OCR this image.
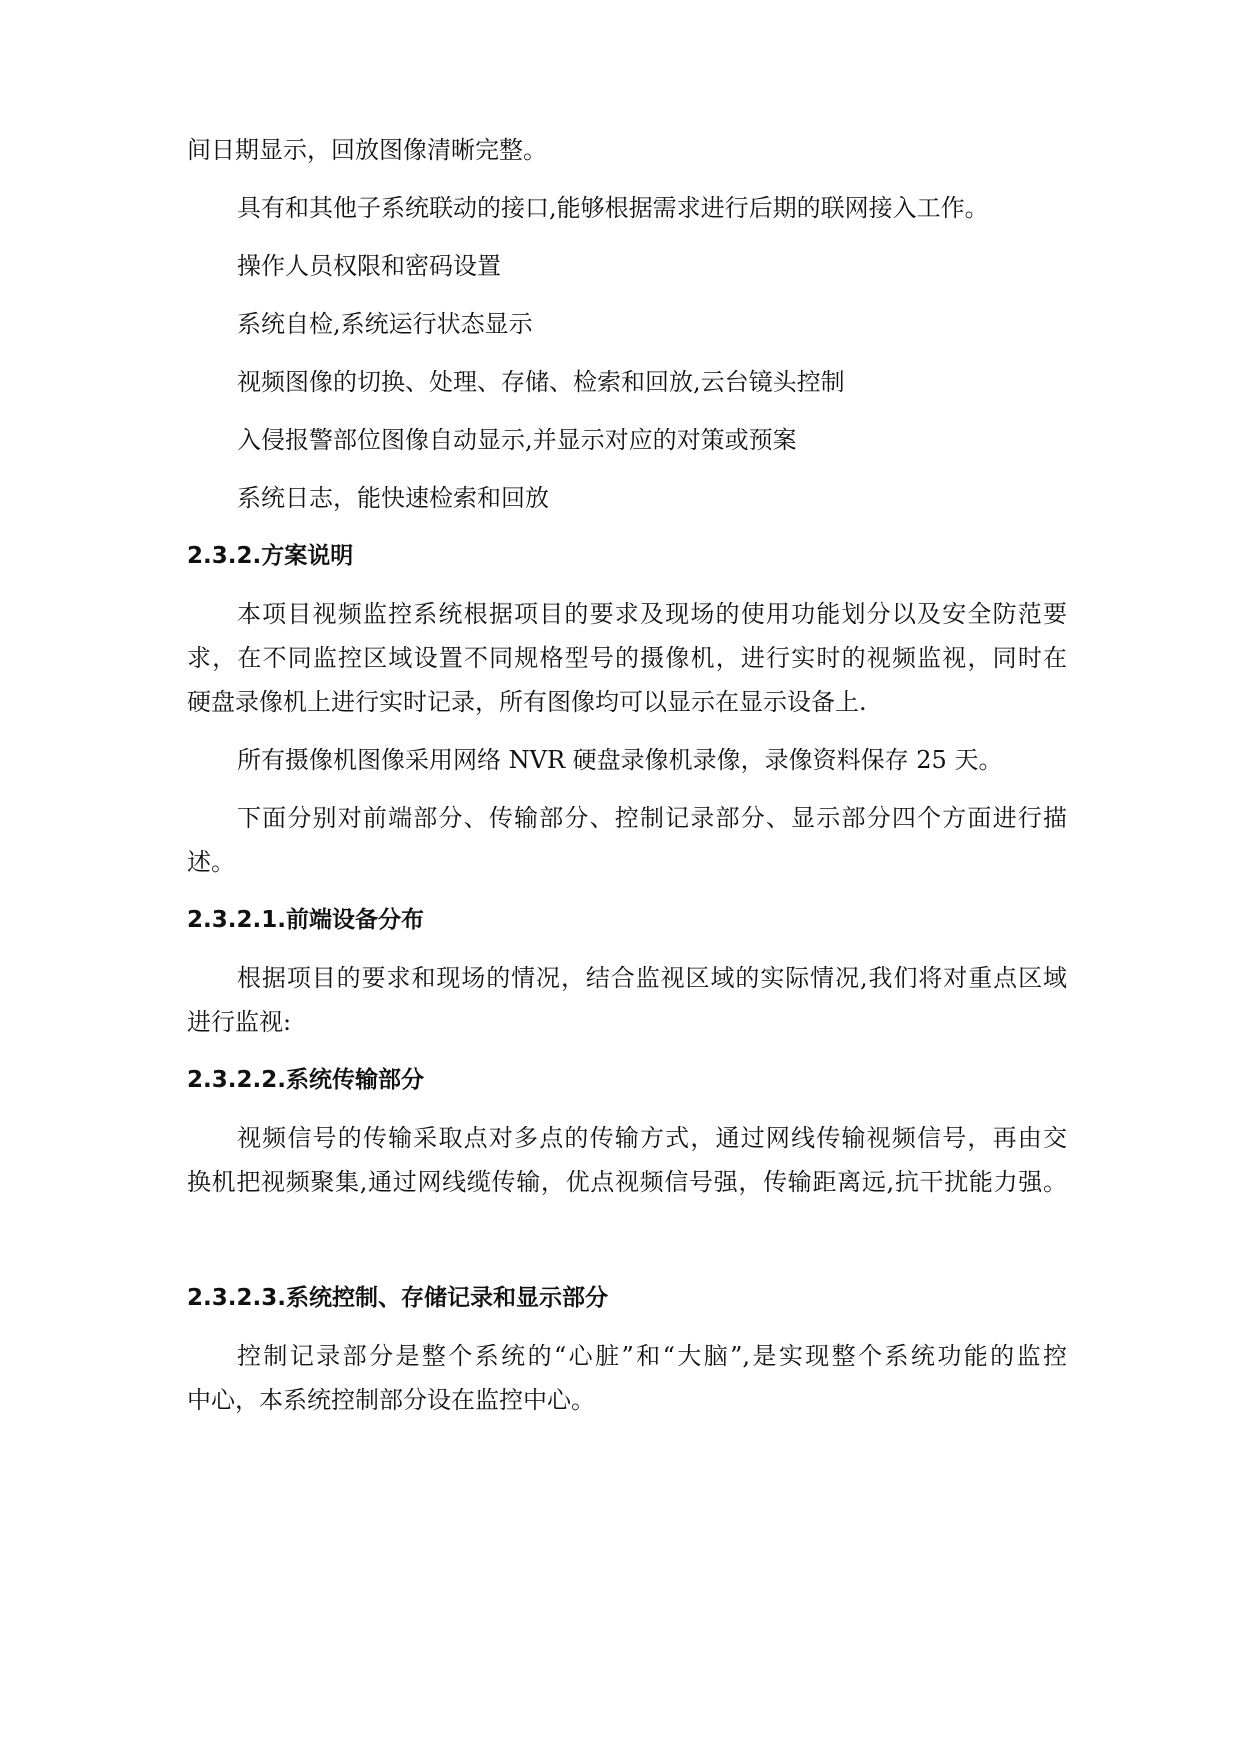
间日期显示，回放图像清晰完整。
具有和其他子系统联动的接口,能够根据需求进行后期的联网接入工作。
操作人员权限和密码设置
系统自检,系统运行状态显示
视频图像的切换、处理、存储、检索和回放,云台镜头控制
入侵报警部位图像自动显示,并显示对应的对策或预案
系统日志，能快速检索和回放
2.3.2.方案说明
本项目视频监控系统根据项目的要求及现场的使用功能划分以及安全防范要
求，在不同监控区域设置不同规格型号的摄像机，进行实时的视频监视，同时在
硬盘录像机上进行实时记录，所有图像均可以显示在显示设备上.
所有摄像机图像采用网络 NVR 硬盘录像机录像，录像资料保存 25 天。
下面分别对前端部分、传输部分、控制记录部分、显示部分四个方面进行描
述。
2.3.2.1.前端设备分布
根据项目的要求和现场的情况，结合监视区域的实际情况,我们将对重点区域
进行监视:
2.3.2.2.系统传输部分
视频信号的传输采取点对多点的传输方式，通过网线传输视频信号，再由交
换机把视频聚集,通过网线缆传输，优点视频信号强，传输距离远,抗干扰能力强。
2.3.2.3.系统控制、存储记录和显示部分
控制记录部分是整个系统的“心脏”和“大脑”,是实现整个系统功能的监控
中心，本系统控制部分设在监控中心。
